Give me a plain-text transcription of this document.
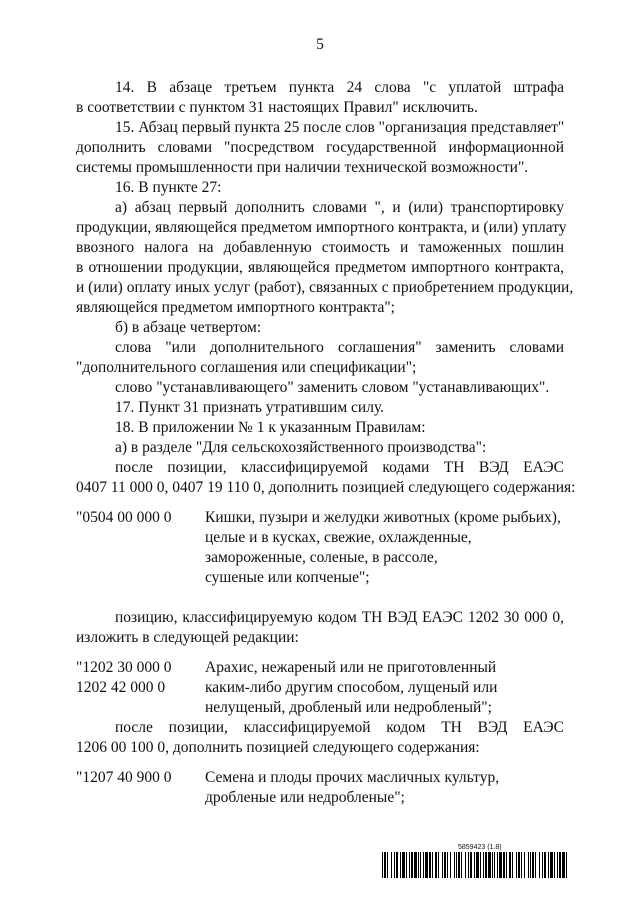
5
14. В абзаце третьем пункта 24 слова "с уплатой штрафа
в соответствии с пунктом 31 настоящих Правил" исключить.
15. Абзац первый пункта 25 после слов "организация представляет"
дополнить словами "посредством государственной информационной
системы промышленности при наличии технической возможности".
16. В пункте 27:
а) абзац первый дополнить словами ", и (или) транспортировку
продукции, являющейся предметом импортного контракта, и (или) уплату
ввозного налога на добавленную стоимость и таможенных пошлин
в отношении продукции, являющейся предметом импортного контракта,
и (или) оплату иных услуг (работ), связанных с приобретением продукции,
являющейся предметом импортного контракта";
б) в абзаце четвертом:
слова "или дополнительного соглашения" заменить словами
"дополнительного соглашения или спецификации";
слово "устанавливающего" заменить словом "устанавливающих".
17. Пункт 31 признать утратившим силу.
18. В приложении № 1 к указанным Правилам:
а) в разделе "Для сельскохозяйственного производства":
после позиции, классифицируемой кодами ТН ВЭД ЕАЭС
0407 11 000 0, 0407 19 110 0, дополнить позицией следующего содержания:
"0504 00 000 0 Кишки, пузыри и желудки животных (кроме рыбьих),
целые и в кусках, свежие, охлажденные,
замороженные, соленые, в рассоле,
сушеные или копченые";
позицию, классифицируемую кодом ТН ВЭД ЕАЭС 1202 30 000 0,
изложить в следующей редакции:
"1202 30 000 0
1202 42 000 0
Арахис, нежареный или не приготовленный
каким-либо другим способом, лущеный или
нелущеный, дробленый или недробленый";
после позиции, классифицируемой кодом ТН ВЭД ЕАЭС
1206 00 100 0, дополнить позицией следующего содержания:
"1207 40 900 0 Семена и плоды прочих масличных культур,
дробленые или недробленые";
5859423 (1.8)
